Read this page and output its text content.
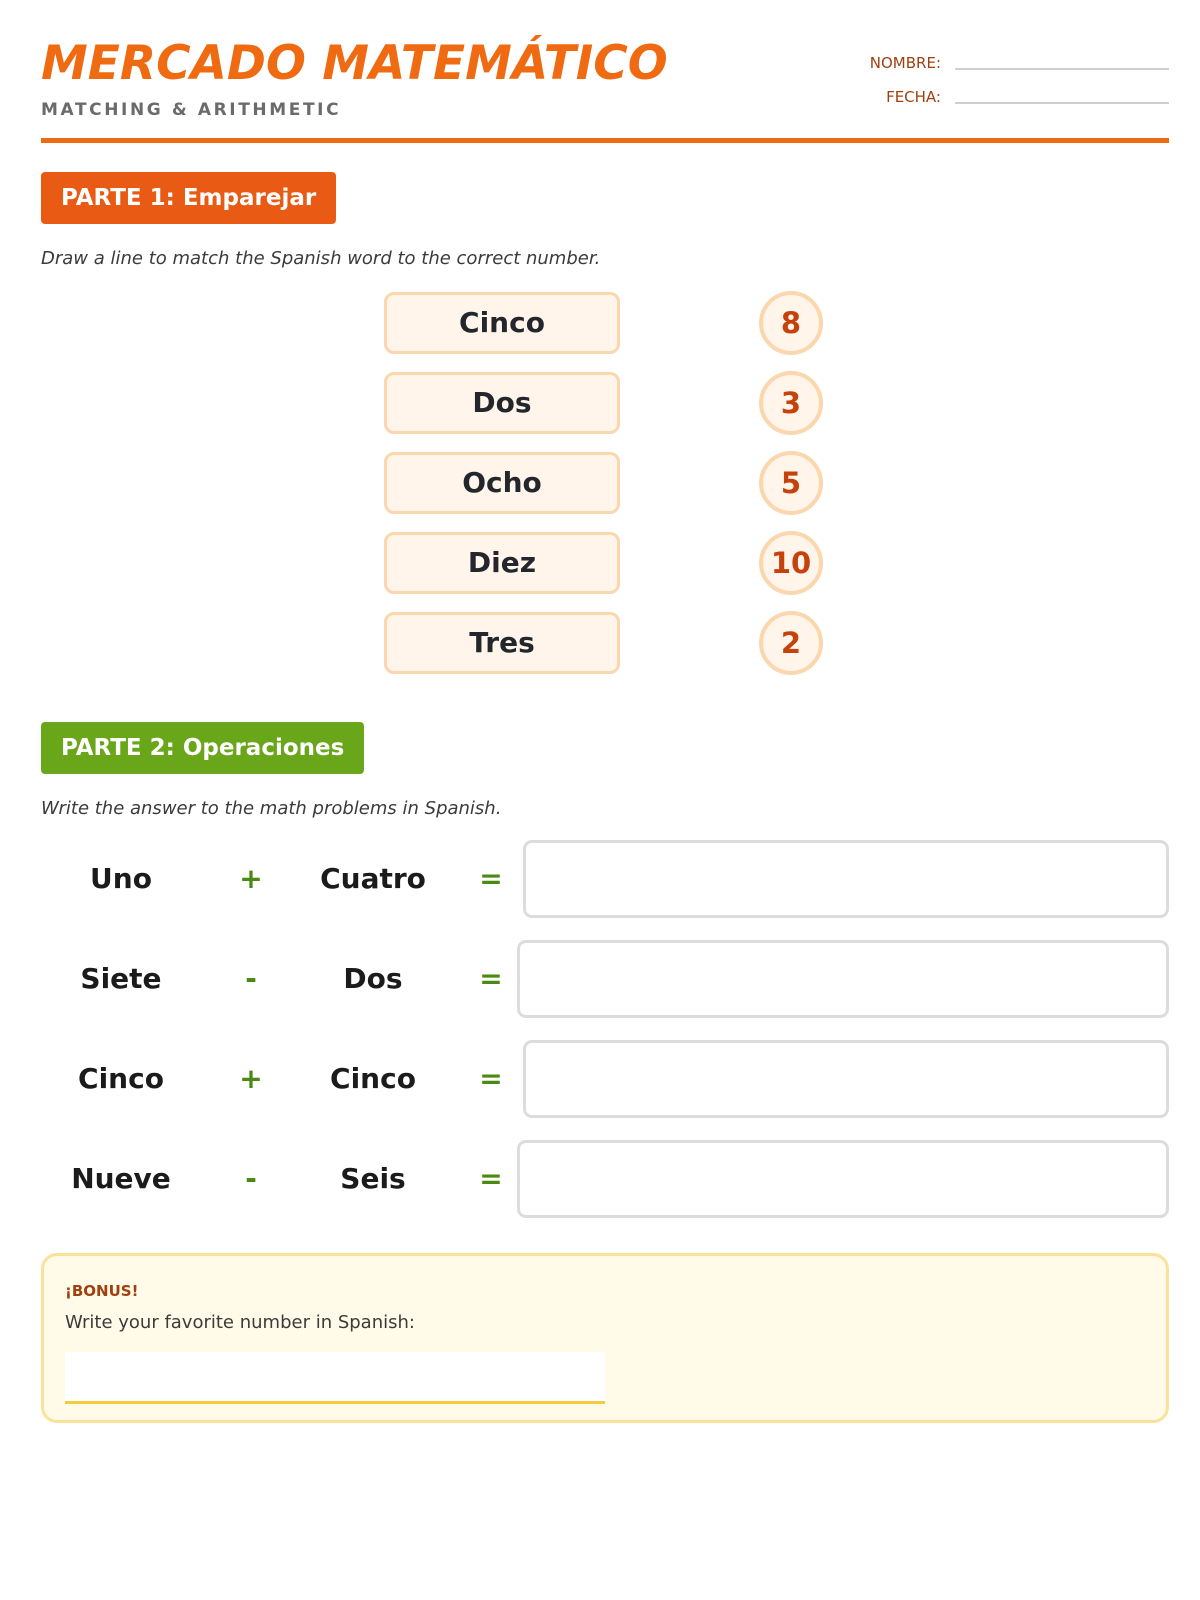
MERCADO MATEMÁTICO
MATCHING & ARITHMETIC
NOMBRE:
FECHA:
PARTE 1: Emparejar
Draw a line to match the Spanish word to the correct number.
Cinco
Dos
Ocho
Diez
Tres
8
3
5
10
2
PARTE 2: Operaciones
Write the answer to the math problems in Spanish.
Uno	+	Cuatro	=
Siete	-	Dos	=
Cinco	+	Cinco	=
Nueve	-	Seis	=
¡BONUS!
Write your favorite number in Spanish:
